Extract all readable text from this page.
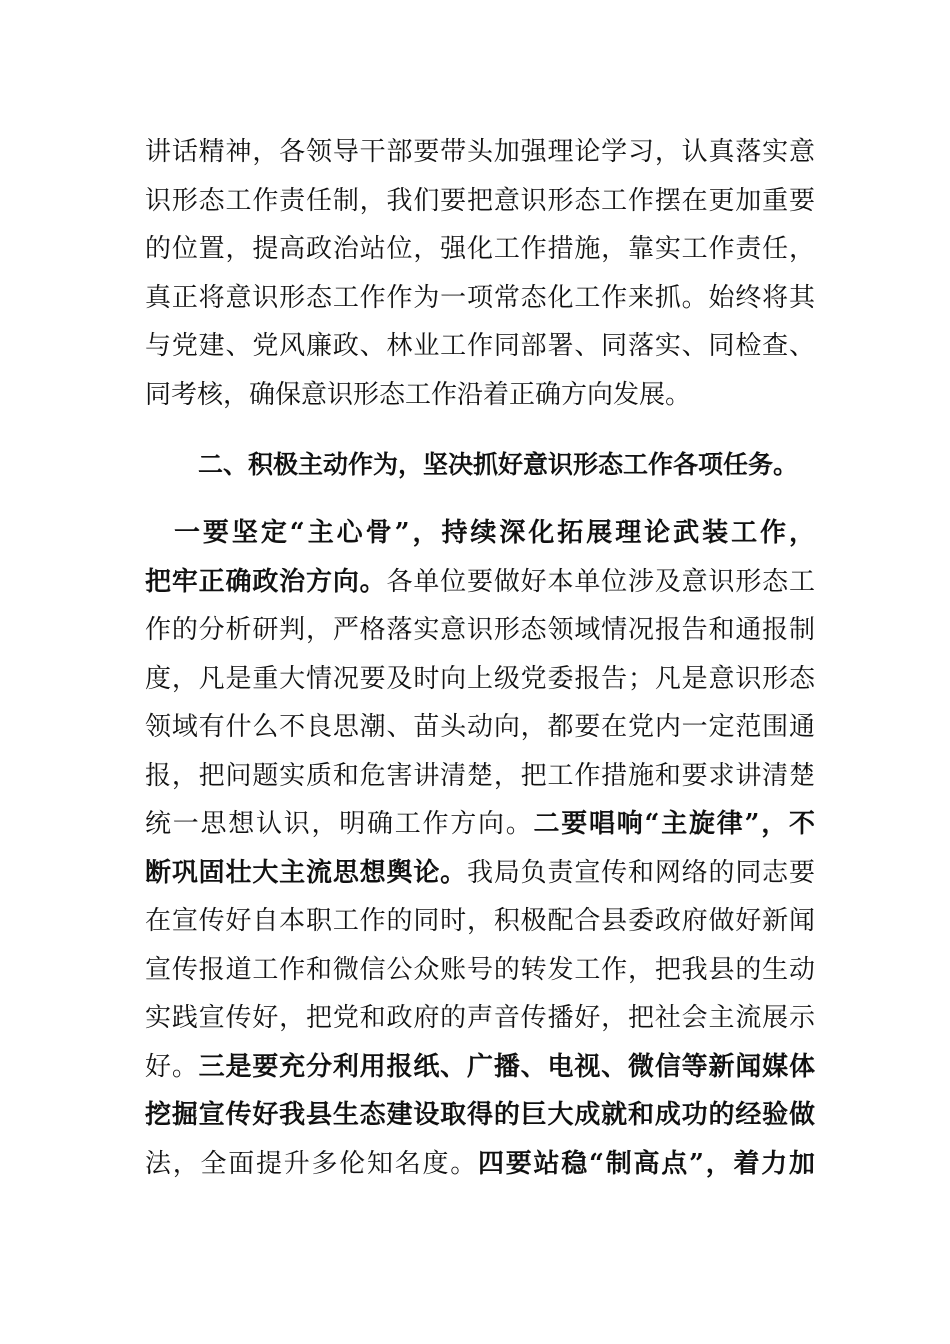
讲话精神，各领导干部要带头加强理论学习，认真落实意
识形态工作责任制，我们要把意识形态工作摆在更加重要
的位置，提高政治站位，强化工作措施，靠实工作责任，
真正将意识形态工作作为一项常态化工作来抓。始终将其
与党建、党风廉政、林业工作同部署、同落实、同检查、
同考核，确保意识形态工作沿着正确方向发展。
二、积极主动作为，坚决抓好意识形态工作各项任务。
　一要坚定“主心骨”，持续深化拓展理论武装工作，
把牢正确政治方向。各单位要做好本单位涉及意识形态工
作的分析研判，严格落实意识形态领域情况报告和通报制
度，凡是重大情况要及时向上级党委报告；凡是意识形态
领域有什么不良思潮、苗头动向，都要在党内一定范围通
报，把问题实质和危害讲清楚，把工作措施和要求讲清楚
统一思想认识，明确工作方向。二要唱响“主旋律”，不
断巩固壮大主流思想舆论。我局负责宣传和网络的同志要
在宣传好自本职工作的同时，积极配合县委政府做好新闻
宣传报道工作和微信公众账号的转发工作，把我县的生动
实践宣传好，把党和政府的声音传播好，把社会主流展示
好。三是要充分利用报纸、广播、电视、微信等新闻媒体
挖掘宣传好我县生态建设取得的巨大成就和成功的经验做
法，全面提升多伦知名度。四要站稳“制高点”，着力加
